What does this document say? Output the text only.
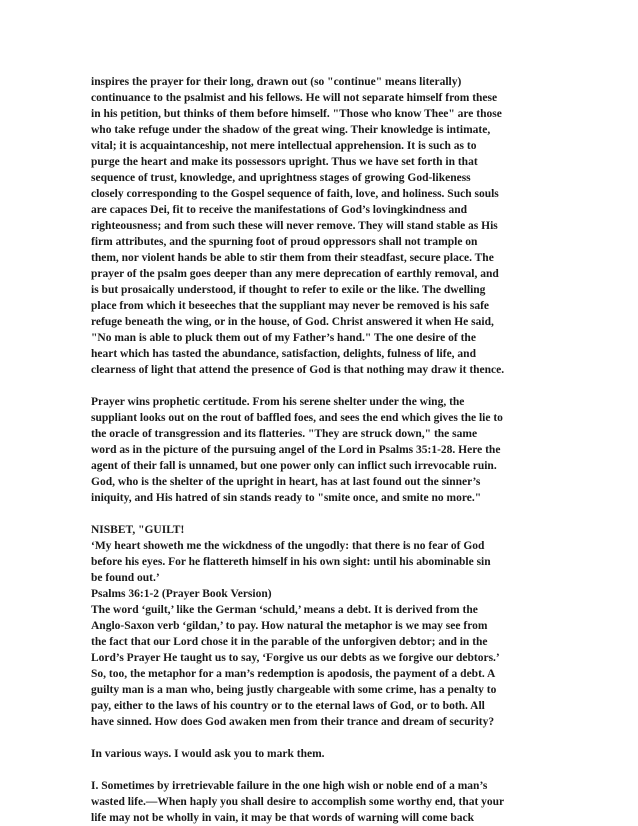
inspires the prayer for their long, drawn out (so "continue" means literally)
continuance to the psalmist and his fellows. He will not separate himself from these
in his petition, but thinks of them before himself. "Those who know Thee" are those
who take refuge under the shadow of the great wing. Their knowledge is intimate,
vital; it is acquaintanceship, not mere intellectual apprehension. It is such as to
purge the heart and make its possessors upright. Thus we have set forth in that
sequence of trust, knowledge, and uprightness stages of growing God-likeness
closely corresponding to the Gospel sequence of faith, love, and holiness. Such souls
are capaces Dei, fit to receive the manifestations of God’s lovingkindness and
righteousness; and from such these will never remove. They will stand stable as His
firm attributes, and the spurning foot of proud oppressors shall not trample on
them, nor violent hands be able to stir them from their steadfast, secure place. The
prayer of the psalm goes deeper than any mere deprecation of earthly removal, and
is but prosaically understood, if thought to refer to exile or the like. The dwelling
place from which it beseeches that the suppliant may never be removed is his safe
refuge beneath the wing, or in the house, of God. Christ answered it when He said,
"No man is able to pluck them out of my Father’s hand." The one desire of the
heart which has tasted the abundance, satisfaction, delights, fulness of life, and
clearness of light that attend the presence of God is that nothing may draw it thence.
Prayer wins prophetic certitude. From his serene shelter under the wing, the
suppliant looks out on the rout of baffled foes, and sees the end which gives the lie to
the oracle of transgression and its flatteries. "They are struck down," the same
word as in the picture of the pursuing angel of the Lord in Psalms 35:1-28. Here the
agent of their fall is unnamed, but one power only can inflict such irrevocable ruin.
God, who is the shelter of the upright in heart, has at last found out the sinner’s
iniquity, and His hatred of sin stands ready to "smite once, and smite no more."
NISBET, "GUILT!
‘My heart showeth me the wickdness of the ungodly: that there is no fear of God
before his eyes. For he flattereth himself in his own sight: until his abominable sin
be found out.’
Psalms 36:1-2 (Prayer Book Version)
The word ‘guilt,’ like the German ‘schuld,’ means a debt. It is derived from the
Anglo-Saxon verb ‘gildan,’ to pay. How natural the metaphor is we may see from
the fact that our Lord chose it in the parable of the unforgiven debtor; and in the
Lord’s Prayer He taught us to say, ‘Forgive us our debts as we forgive our debtors.’
So, too, the metaphor for a man’s redemption is apodosis, the payment of a debt. A
guilty man is a man who, being justly chargeable with some crime, has a penalty to
pay, either to the laws of his country or to the eternal laws of God, or to both. All
have sinned. How does God awaken men from their trance and dream of security?
In various ways. I would ask you to mark them.
I. Sometimes by irretrievable failure in the one high wish or noble end of a man’s
wasted life.—When haply you shall desire to accomplish some worthy end, that your
life may not be wholly in vain, it may be that words of warning will come back
